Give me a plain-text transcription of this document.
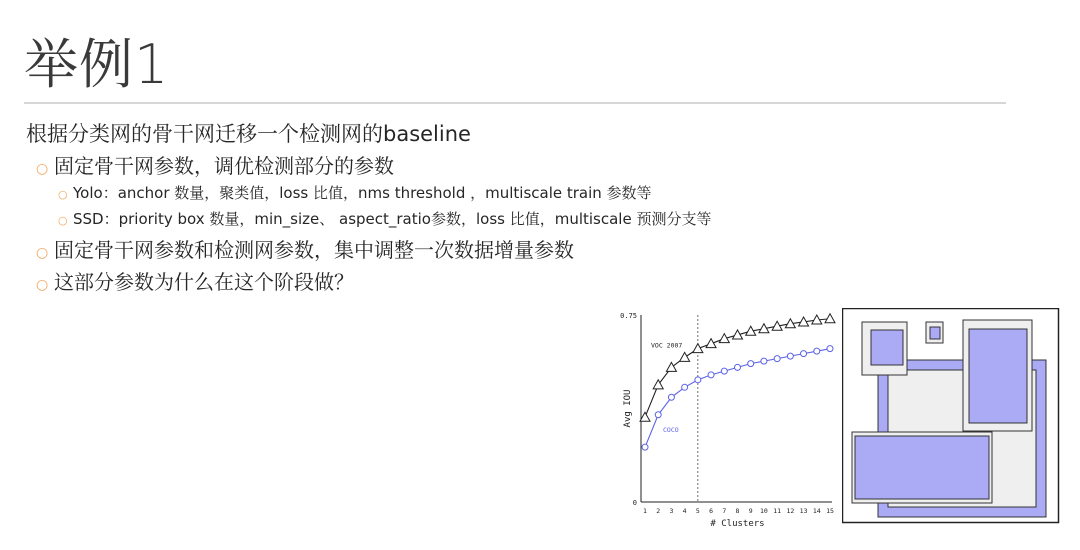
举例1
根据分类网的骨干网迁移一个检测网的baseline
○ 固定骨干网参数，调优检测部分的参数
○ Yolo：anchor 数量，聚类值，loss 比值，nms threshold ，multiscale train 参数等
○ SSD：priority box 数量，min_size、 aspect_ratio参数，loss 比值，multiscale 预测分支等
○ 固定骨干网参数和检测网参数，集中调整一次数据增量参数
○ 这部分参数为什么在这个阶段做？
0
0.75
1 2 3 4 5 6 7 8 9 10 11 12 13 14 15
# Clusters
Avg IOU
VOC 2007
COCO
